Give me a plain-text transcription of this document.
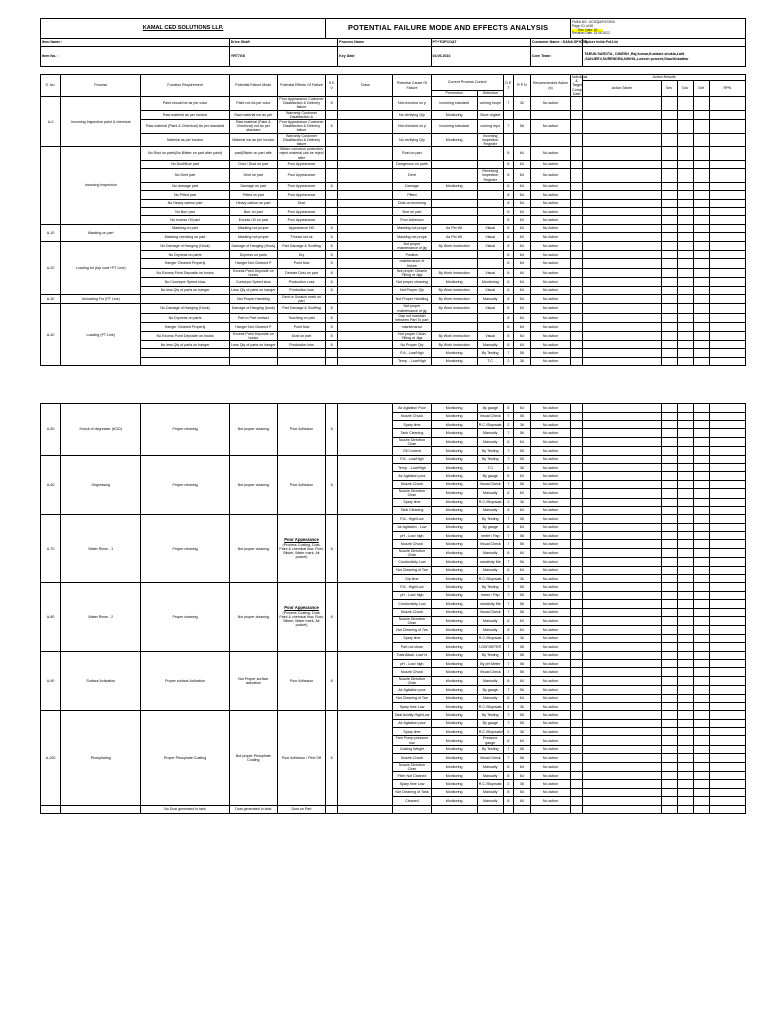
KAMAL CED SOLUTIONS LLP.					POTENTIAL FAILURE MODE AND EFFECTS ANALYSIS								FMEA NO : KCS/QA/F/07/004
Page: 01 of 08
Rev. Date: 00
Revision Date: 15.06.2022					

Item Name :			Drive Shaft			Process Name		PT+TOPCOAT				Customer Name : DANA SPICER		Spicer India Pvt.Ltd				
Item No. :			YRT7G8			Key Date		03.06.2022				Core Team :		TARUN SAROTA , DINESH ,Raj kumar,Kundani shukla,Lalit ,SANJEEV,SURENDRA,NIKHIL,Lokesh pvmeet,Gaurikhkathar				

S. No.	Process	Function Requirement	Potential Failure Mode	Potential Effects Of Failure	S E V	Class	Potential Cause Of Failure	Current Process Control		D E T	R P N	Recommended Action (s)	Individual & Target Comp. Date	Action Results				
														Action Taken	Sev	Occ	Det	RPN
								Prevention	Detection									
A-0	Incoming Inspection paint & chemical	Paint should be as per color	Paint not As per color	Poor Appearance Customer Disatifaction & Delivery failure	8		Not checked on p	Incoming standard	coming Inspe	7	32	No action						
		Raw material as per invoice	Raw material not as per	Warranty Customer Disatifaction &			No verifying Qty	Monitoring	Store registe									
		Raw material (Paint & Chemical) As per standard	Raw material (Paint & Chemical) not As per standard	Poor Appearance Customer Disatifaction & Delivery failure	8		Not checked on p	Incoming standard	coming repo	7	56	No action						
		Material as per invoice	Material not as per invoice	Warranty Customer Disatifaction & Delivery failure			No verifying Qty	Monitoring	Incoming inspection Register									
	Incoming Inspection	No Rust on parts(No Blister on part after paint)	part(Blister on part afte	Blister corrosion protection reject material can be reject after			Rust on part			8	64	No action						
		No Dust/Burr part	Dust / Dust on part	Poor Appearance			Dangerous on parts			8	64	No action						
		No Dent part	Dent on part	Poor Appearance			Dent		Receiving inspection Register	8	64	No action						
		No damage part	Damage on part	Poor Appearance	8		Damage	Monitoring		8	64	No action						
		No Pitted part	Pitted on part	Poor Appearance			Pitted			8	64	No action						
		No Heavy carbon part	Heavy carbon on part	Dust			Dust on incoming			8	64	No action						
		No Burr part	Burr on part	Poor Appearance			Burr on part			8	64	No action						
		No excess Oil part	Excess Oil on part	Poor Appearance			Poor Adhesion			8	64	No action						
A-10	Masking on part	Masking on part	Masking not proper	Appearance NG	8		Masking not prope	As Per WI	Visual	8	64	No Action						
		Masking checking on part	Masking not proper	Thread not ok	8		Masking not prope	As Per WI	Visual	8	64	No Action						
A-20	Loading for (top coat +PT Line)	No Damage of Hanging (Hook)	Damage of Hanging (Hook)	Part Damage & Scuffing	8		Not proper maintenance of jig	By Work Instruction	Visual	8	64	No action						
		No Dryness on parts	Dryness on parts	Dry	8		Position			8	64	No action						
		Hanger Cleaned Properly	Hanger Not Cleaned P	Point flow	8		maintenance of fixture			8	64	No action						
		No Excess Point Deposite on hooks	Excess Point Deposite on hooks	Deviate Dust on part	8		Not proper Cleanin Filling of Jigs	By Work Instruction	Visual	8	64	No action						
		No Conveyor Speed slow	Conveyor Speed slow	Production Loss	8		Not proper cleaning	Monitoring	Monitoring	8	64	No action						
		No less Qty of parts on hanger	Less Qty of parts on hanger	Production loss	8		Not Proper Qty	By Work Instruction	Visual	8	64	No action						
A-30	Unloading For (PT Line)		Not Proper Handling	Dent or Scratch mark on part			Not Proper Handling	By Work Instruction	Manually	8	64	No action						
A-40	Loading (PT Line)	No Damage of Hanging (Hook)	Damage of Hanging (hook)	Part Damage & Scuffing	8		Not proper maintenance of jig	By Work Instruction	Visual	8	64	No action						
		No Dryness on parts	Part to Part contact	Touching on part	8		Gap not maintain between Part To part			8	64	No action						
		Hanger Cleaned Properly	Hanger Not Cleaned P	Point flow	8		maintenance			8	64	No action						
		No Excess Point Deposite on hooks	Excess Point Deposite on hooks	Dust on part	8		Not proper Clean Filling of Jigs	By Work Instruction	Visual	8	64	No action						
		No less Qty of parts on hanger	Less Qty of parts on hanger	Production loss	8		No Proper Qty	By Work Instruction	Manually	8	64	No action						
							P.A - Low/High	Monitoring	By Testing	7	56	No action						
							Temp. - Low/High	Monitoring	T.C	2	36	No action						

A-50	Knock of degreaser (KOD)	Proper cleaning	Not proper cleaning	Poor Adhesion	8		Air Agitation Poor	Monitoring	By gauge	8	64	No action						
							Nozzle Chock	Monitoring	Visual Check	7	56	No action						
							Spary time	Monitoring	R.C./Stopwatc	2	36	No action						
							Tank Cleaning	Monitoring	Manually	7	56	No action						
							Nozzle Direction Chan	Monitoring	Manually	8	64	No action						
							Oil Content	Monitoring	By Testing	7	56	No action						
A-60	Degreasing	Proper cleaning	Not proper cleaning	Poor Adhesion	8		P.A - Low/High	Monitoring	By Testing	7	56	No action						
							Temp. - Low/High	Monitoring	T.C	2	36	No action						
							Air Agitation poor	Monitoring	By gauge	8	64	No action						
							Nozzle Chock	Monitoring	Visual Check	7	56	No action						
							Nozzle Direction Chan	Monitoring	Manually	8	64	No action						
							Spary time	Monitoring	R.C./Stopwatc	2	36	No action						
							Tank Cleaning	Monitoring	Manually	8	64	No action						
A-70	Water Rinse - 1	Proper cleaning	Not proper cleaning	Poor Appearance
(Process Coating, Dust, Paint & chemical flow, Rust, Blister, Water mark, Air pocket)	8		P.A - High/Low	Monitoring	By Testing	7	56	No action						
							Air Agitation - Low	Monitoring	By gauge	8	64	No action						
							pH - Low/ high	Monitoring	meter / Pap	7	56	No action						
							Nozzle Chock	Monitoring	Visual Check	7	56	No action						
							Nozzle Direction Chan	Monitoring	Manually	8	64	No action						
							Conductivity Low	Monitoring	nductivity Me	7	56	No action						
							Not Cleaning of Tan	Monitoring	Manually	8	64	No action						
							Dip time	Monitoring	R.C./Stopwatc	2	36	No action						
A-80	Water Rinse - 2	Proper cleaning	Not proper cleaning	Poor Appearance
(Process Coating, Dust, Paint & chemical flow, Rust, Blister, Water mark, Air pocket)	8		P.A - High/Low	Monitoring	By Testing	7	56	No action						
							pH - Low/ high	Monitoring	meter / Pap	7	56	No action						
							Conductivity Low	Monitoring	nductivity Me	7	56	No action						
							Nozzle Chock	Monitoring	Visual Check	7	56	No action						
							Nozzle Direction Chan	Monitoring	Manually	8	64	No action						
							Not Cleaning of Tan	Monitoring	Manually	8	64	No action						
							Spary time	Monitoring	R.C./Stopwatc	2	36	No action						
							Part not clean	Monitoring	LOW METER	7	56	No action						
A-90	Surface Activation	Proper surface Activation	Not Proper surface activation	Poor Adhesion	8		Total Alkali- Low/ hi	Monitoring	By Testing	7	56	No action						
							pH - Low/ high	Monitoring	By pH Meter	7	56	No action						
							Nozzle Chock	Monitoring	Visual Check	7	56	No action						
							Nozzle Direction Chan	Monitoring	Manually	8	64	No action						
							Air Agitation poor	Monitoring	By gauge	7	56	No action						
							Not Cleaning of Tan	Monitoring	Manually	8	64	No action						
							Spary time Low	Monitoring	R.C./Stopwatc	2	36	No action						
A-100	Phosphating	Proper Phosphate Coating	Not proper Phosphate Coating	Poor Adhesion / Peel Off	8		Total Acidity High/Low	Monitoring	By Testing	7	56	No action						
							Air Agitation poor	Monitoring	By gauge	7	56	No action						
							Spary time	Monitoring	R.C./Stopwatch	2	36	No action						
							Free Pump pressure low	Monitoring	Pressure gauge	8	64	No action						
							Coating Weight	Monitoring	By Testing	7	56	No action						
							Nozzle Chock	Monitoring	Visual Check	7	56	No action						
							Nozzle Direction Chan	Monitoring	Manually	8	64	No action						
							Filter Not Cleaned	Monitoring	Manually	8	64	No action						
							Spary time Low	Monitoring	R.C./Stopwatc	2	36	No action						
							Not Cleaning of Tank	Monitoring	Manually	8	64	No action						
							Cleaned	Monitoring	Manually	8	64	No action						
		No Dust generated in tank	Dust generated in tank	Dust on Part														
